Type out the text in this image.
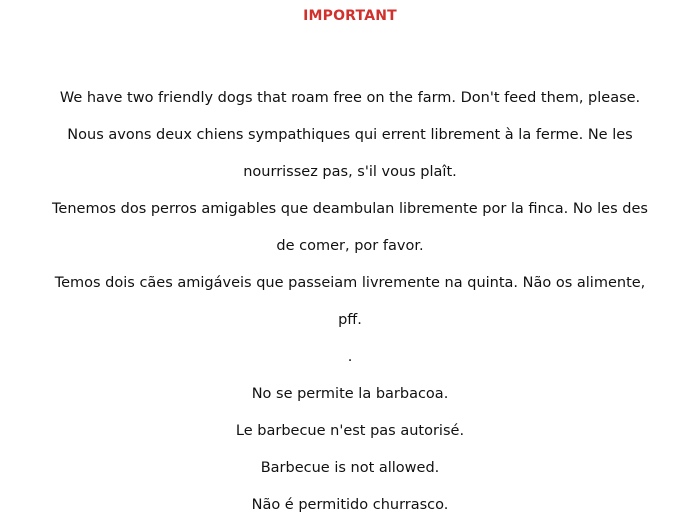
IMPORTANT
We have two friendly dogs that roam free on the farm. Don't feed them, please.
Nous avons deux chiens sympathiques qui errent librement à la ferme. Ne les
nourrissez pas, s'il vous plaît.
Tenemos dos perros amigables que deambulan libremente por la finca. No les des
de comer, por favor.
Temos dois cães amigáveis que passeiam livremente na quinta. Não os alimente,
pff.
.
No se permite la barbacoa.
Le barbecue n'est pas autorisé.
Barbecue is not allowed.
Não é permitido churrasco.
